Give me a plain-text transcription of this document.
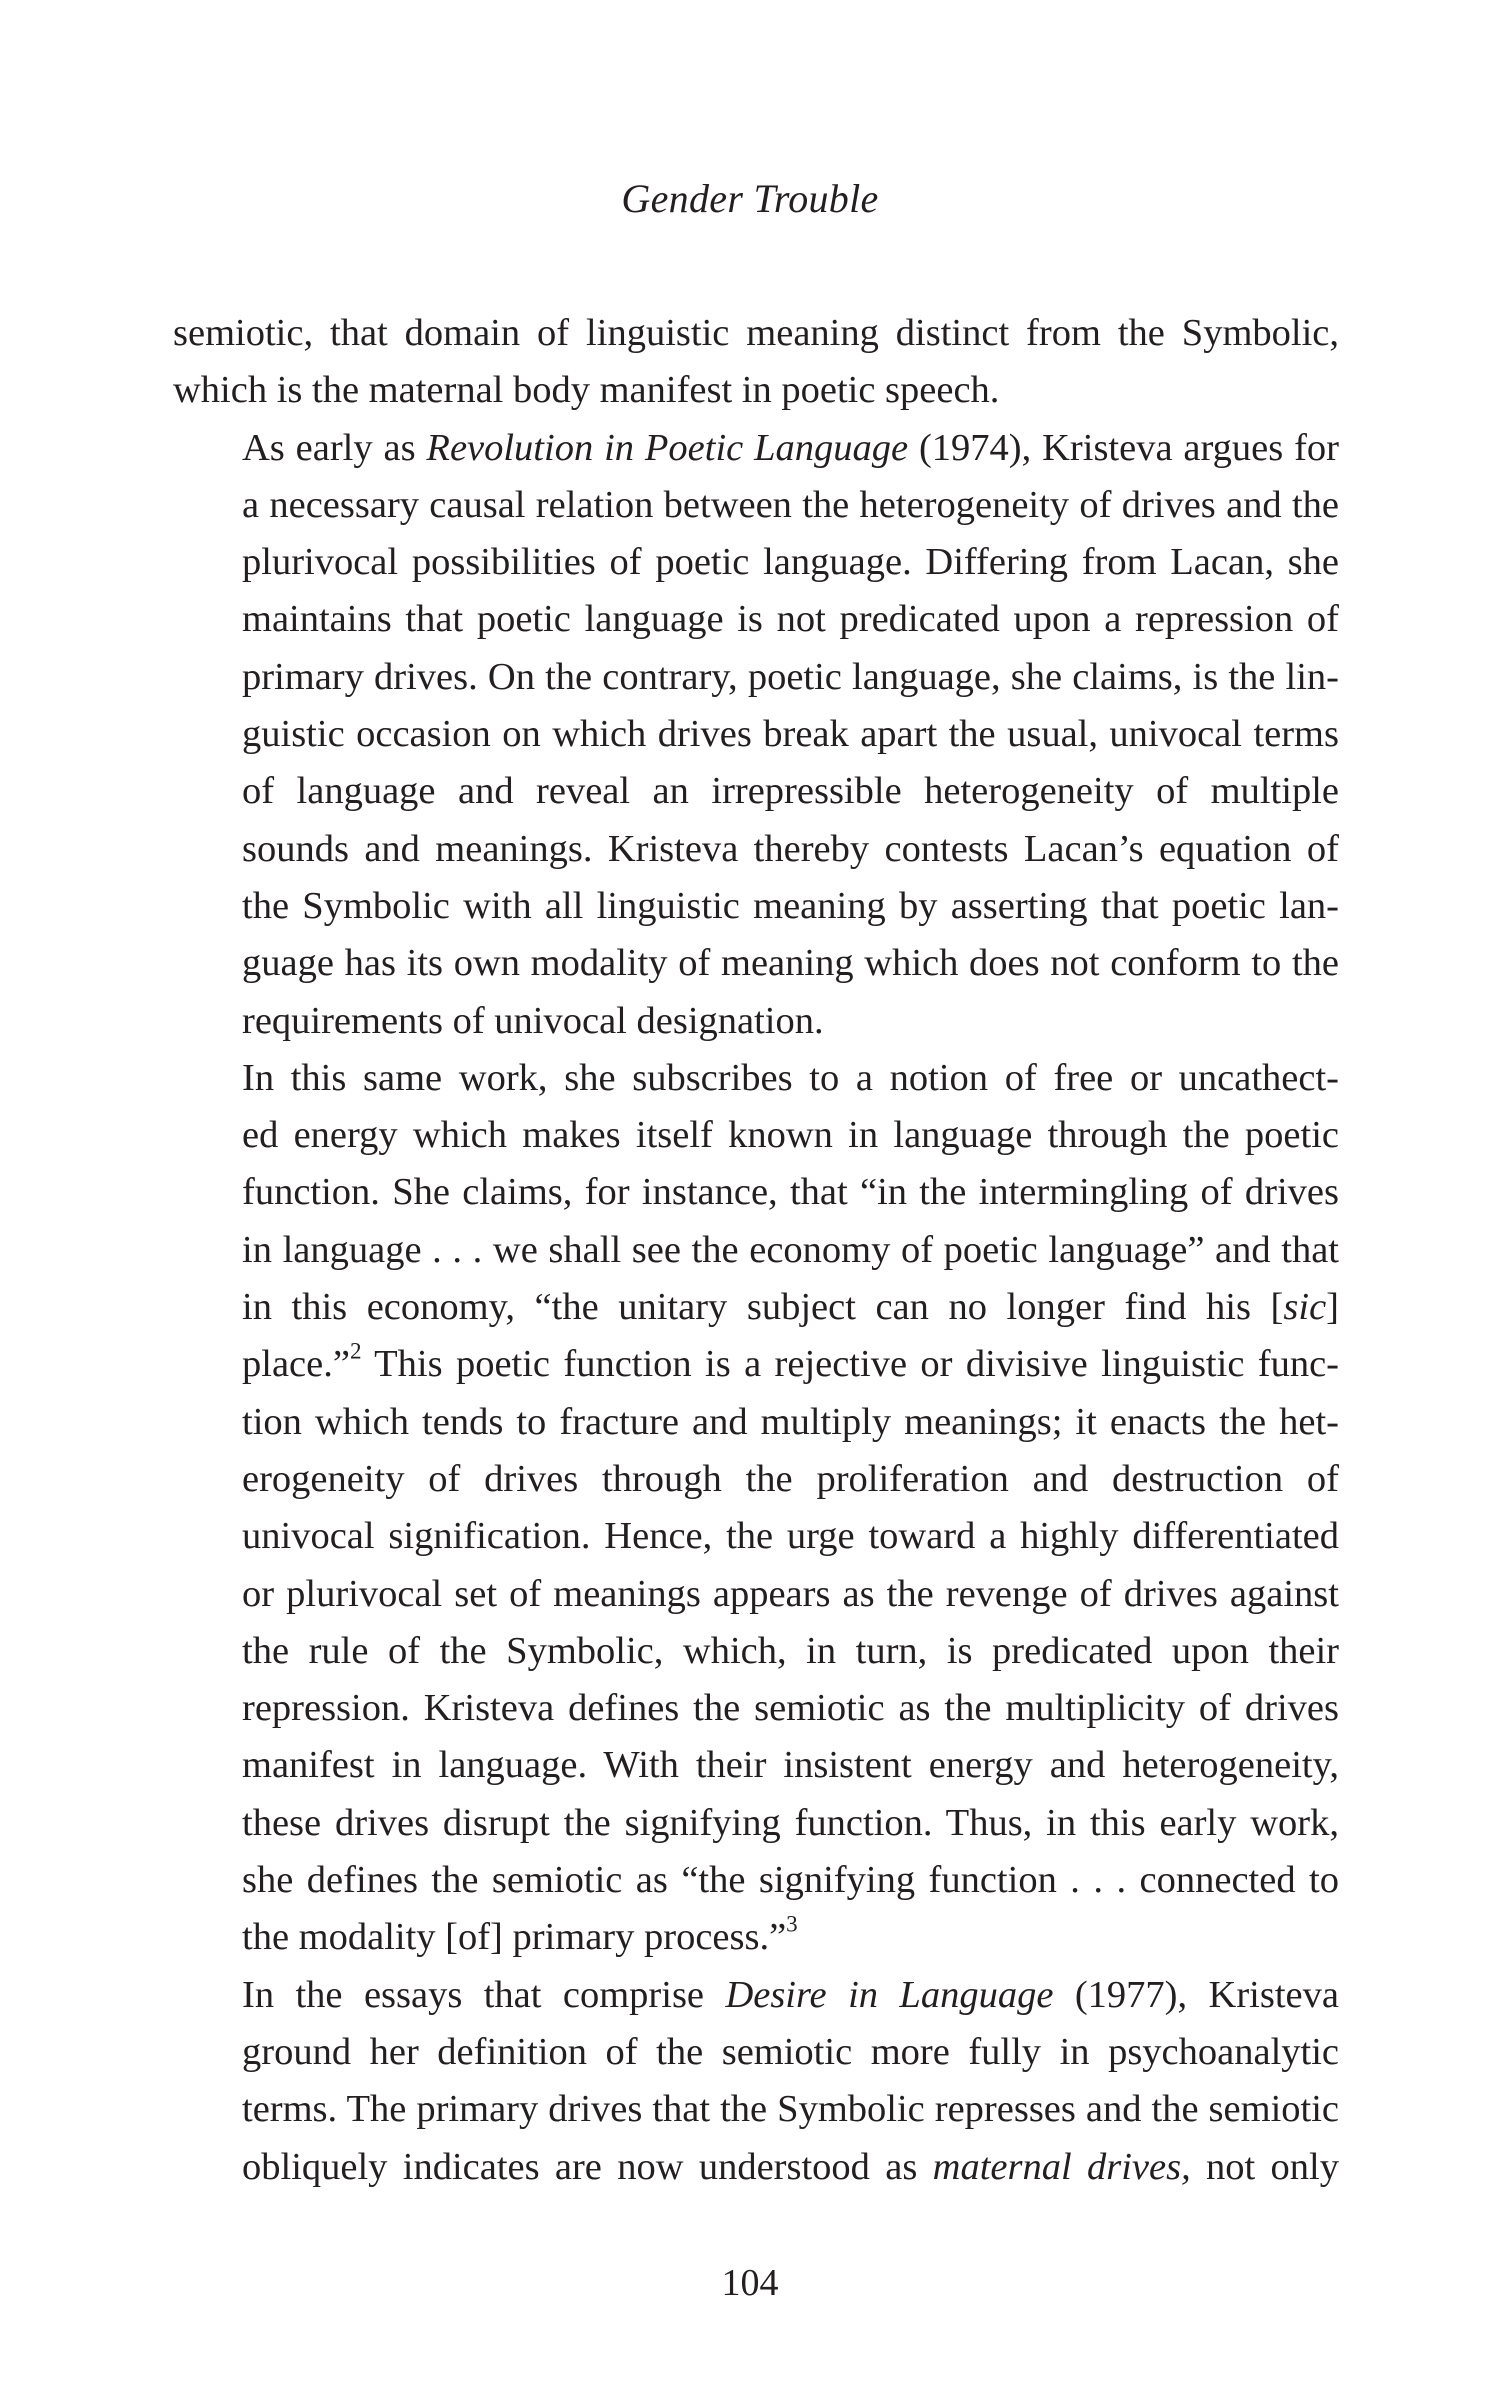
Gender Trouble

semiotic, that domain of linguistic meaning distinct from the Symbolic,
which is the maternal body manifest in poetic speech.

As early as Revolution in Poetic Language (1974), Kristeva argues for
a necessary causal relation between the heterogeneity of drives and the
plurivocal possibilities of poetic language. Differing from Lacan, she
maintains that poetic language is not predicated upon a repression of
primary drives. On the contrary, poetic language, she claims, is the lin-
guistic occasion on which drives break apart the usual, univocal terms
of language and reveal an irrepressible heterogeneity of multiple
sounds and meanings. Kristeva thereby contests Lacan’s equation of
the Symbolic with all linguistic meaning by asserting that poetic lan-
guage has its own modality of meaning which does not conform to the
requirements of univocal designation.

In this same work, she subscribes to a notion of free or uncathect-
ed energy which makes itself known in language through the poetic
function. She claims, for instance, that “in the intermingling of drives
in language . . . we shall see the economy of poetic language” and that
in this economy, “the unitary subject can no longer find his [sic]
place.”$^2$ This poetic function is a rejective or divisive linguistic func-
tion which tends to fracture and multiply meanings; it enacts the het-
erogeneity of drives through the proliferation and destruction of
univocal signification. Hence, the urge toward a highly differentiated
or plurivocal set of meanings appears as the revenge of drives against
the rule of the Symbolic, which, in turn, is predicated upon their
repression. Kristeva defines the semiotic as the multiplicity of drives
manifest in language. With their insistent energy and heterogeneity,
these drives disrupt the signifying function. Thus, in this early work,
she defines the semiotic as “the signifying function . . . connected to
the modality [of] primary process.”$^3$

In the essays that comprise Desire in Language (1977), Kristeva
ground her definition of the semiotic more fully in psychoanalytic
terms. The primary drives that the Symbolic represses and the semiotic
obliquely indicates are now understood as maternal drives, not only

104
